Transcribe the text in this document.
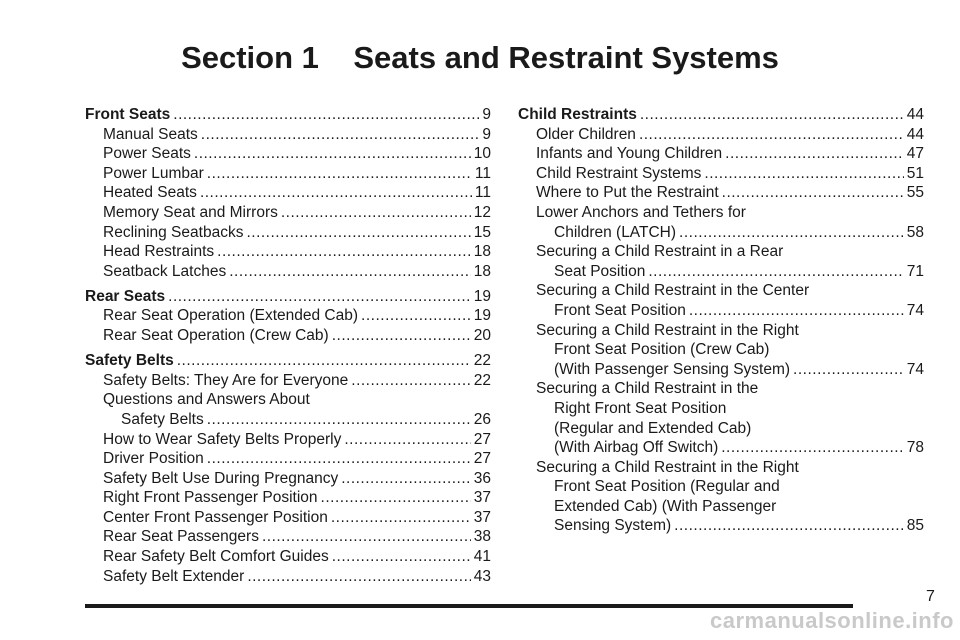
Section 1    Seats and Restraint Systems
Front Seats .....	9
Manual Seats .....	9
Power Seats .....	10
Power Lumbar .....	11
Heated Seats .....	11
Memory Seat and Mirrors .....	12
Reclining Seatbacks .....	15
Head Restraints .....	18
Seatback Latches .....	18
Rear Seats .....	19
Rear Seat Operation (Extended Cab) .....	19
Rear Seat Operation (Crew Cab) .....	20
Safety Belts .....	22
Safety Belts: They Are for Everyone .....	22
Questions and Answers About
Safety Belts .....	26
How to Wear Safety Belts Properly .....	27
Driver Position .....	27
Safety Belt Use During Pregnancy .....	36
Right Front Passenger Position .....	37
Center Front Passenger Position .....	37
Rear Seat Passengers .....	38
Rear Safety Belt Comfort Guides .....	41
Safety Belt Extender .....	43
Child Restraints .....	44
Older Children .....	44
Infants and Young Children .....	47
Child Restraint Systems .....	51
Where to Put the Restraint .....	55
Lower Anchors and Tethers for
Children (LATCH) .....	58
Securing a Child Restraint in a Rear
Seat Position .....	71
Securing a Child Restraint in the Center
Front Seat Position .....	74
Securing a Child Restraint in the Right
Front Seat Position (Crew Cab)
(With Passenger Sensing System) .....	74
Securing a Child Restraint in the
Right Front Seat Position
(Regular and Extended Cab)
(With Airbag Off Switch) .....	78
Securing a Child Restraint in the Right
Front Seat Position (Regular and
Extended Cab) (With Passenger
Sensing System) .....	85
7
carmanualsonline.info
